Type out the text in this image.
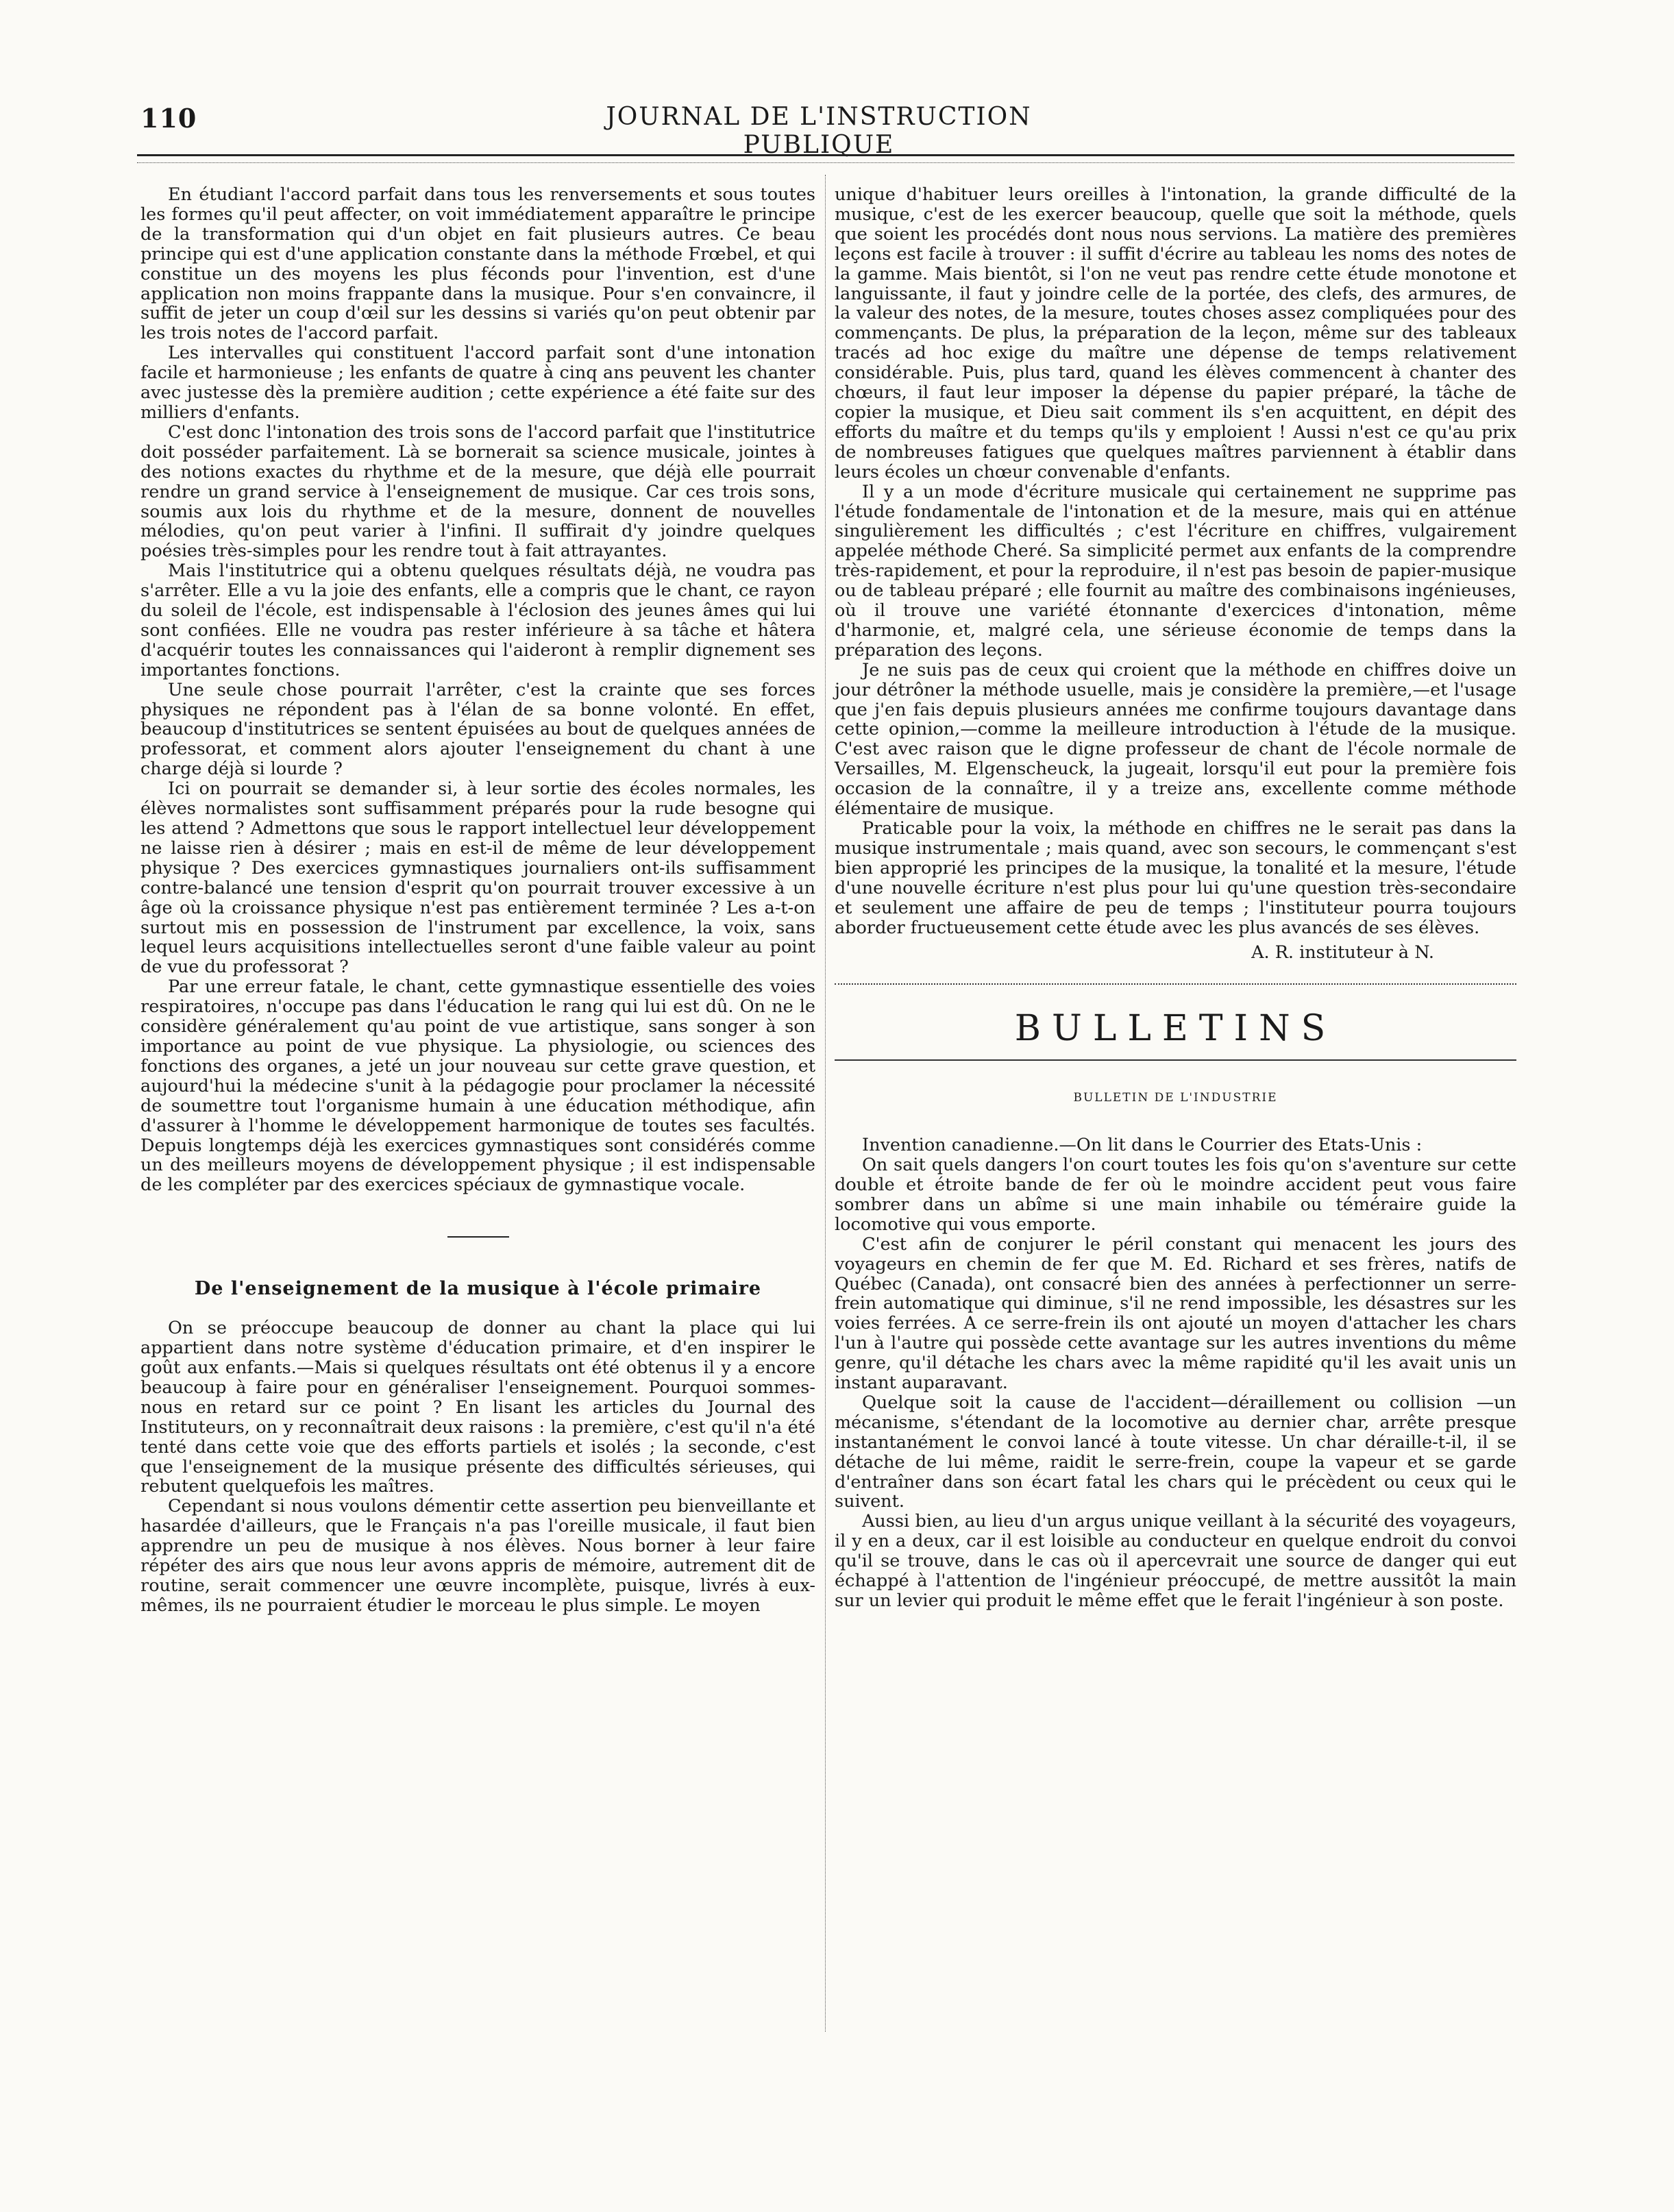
110	JOURNAL DE L'INSTRUCTION PUBLIQUE

En étudiant l'accord parfait dans tous les renversements et sous toutes les formes qu'il peut affecter, on voit immédiatement apparaître le principe de la transformation qui d'un objet en fait plusieurs autres. Ce beau principe qui est d'une application constante dans la méthode Frœbel, et qui constitue un des moyens les plus féconds pour l'invention, est d'une application non moins frappante dans la musique. Pour s'en convaincre, il suffit de jeter un coup d'œil sur les dessins si variés qu'on peut obtenir par les trois notes de l'accord parfait.

Les intervalles qui constituent l'accord parfait sont d'une intonation facile et harmonieuse ; les enfants de quatre à cinq ans peuvent les chanter avec justesse dès la première audition ; cette expérience a été faite sur des milliers d'enfants.

C'est donc l'intonation des trois sons de l'accord parfait que l'institutrice doit posséder parfaitement. Là se bornerait sa science musicale, jointes à des notions exactes du rhythme et de la mesure, que déjà elle pourrait rendre un grand service à l'enseignement de musique. Car ces trois sons, soumis aux lois du rhythme et de la mesure, donnent de nouvelles mélodies, qu'on peut varier à l'infini. Il suffirait d'y joindre quelques poésies très-simples pour les rendre tout à fait attrayantes.

Mais l'institutrice qui a obtenu quelques résultats déjà, ne voudra pas s'arrêter. Elle a vu la joie des enfants, elle a compris que le chant, ce rayon du soleil de l'école, est indispensable à l'éclosion des jeunes âmes qui lui sont confiées. Elle ne voudra pas rester inférieure à sa tâche et hâtera d'acquérir toutes les connaissances qui l'aideront à remplir dignement ses importantes fonctions.

Une seule chose pourrait l'arrêter, c'est la crainte que ses forces physiques ne répondent pas à l'élan de sa bonne volonté. En effet, beaucoup d'institutrices se sentent épuisées au bout de quelques années de professorat, et comment alors ajouter l'enseignement du chant à une charge déjà si lourde ?

Ici on pourrait se demander si, à leur sortie des écoles normales, les élèves normalistes sont suffisamment préparés pour la rude besogne qui les attend ? Admettons que sous le rapport intellectuel leur développement ne laisse rien à désirer ; mais en est-il de même de leur développement physique ? Des exercices gymnastiques journaliers ont-ils suffisamment contre-balancé une tension d'esprit qu'on pourrait trouver excessive à un âge où la croissance physique n'est pas entièrement terminée ? Les a-t-on surtout mis en possession de l'instrument par excellence, la voix, sans lequel leurs acquisitions intellectuelles seront d'une faible valeur au point de vue du professorat ?

Par une erreur fatale, le chant, cette gymnastique essentielle des voies respiratoires, n'occupe pas dans l'éducation le rang qui lui est dû. On ne le considère généralement qu'au point de vue artistique, sans songer à son importance au point de vue physique. La physiologie, ou sciences des fonctions des organes, a jeté un jour nouveau sur cette grave question, et aujourd'hui la médecine s'unit à la pédagogie pour proclamer la nécessité de soumettre tout l'organisme humain à une éducation méthodique, afin d'assurer à l'homme le développement harmonique de toutes ses facultés. Depuis longtemps déjà les exercices gymnastiques sont considérés comme un des meilleurs moyens de développement physique ; il est indispensable de les compléter par des exercices spéciaux de gymnastique vocale.

De l'enseignement de la musique à l'école primaire

On se préoccupe beaucoup de donner au chant la place qui lui appartient dans notre système d'éducation primaire, et d'en inspirer le goût aux enfants.—Mais si quelques résultats ont été obtenus il y a encore beaucoup à faire pour en généraliser l'enseignement. Pourquoi sommes-nous en retard sur ce point ? En lisant les articles du Journal des Instituteurs, on y reconnaîtrait deux raisons : la première, c'est qu'il n'a été tenté dans cette voie que des efforts partiels et isolés ; la seconde, c'est que l'enseignement de la musique présente des difficultés sérieuses, qui rebutent quelquefois les maîtres.

Cependant si nous voulons démentir cette assertion peu bienveillante et hasardée d'ailleurs, que le Français n'a pas l'oreille musicale, il faut bien apprendre un peu de musique à nos élèves. Nous borner à leur faire répéter des airs que nous leur avons appris de mémoire, autrement dit de routine, serait commencer une œuvre incomplète, puisque, livrés à eux-mêmes, ils ne pourraient étudier le morceau le plus simple. Le moyen

unique d'habituer leurs oreilles à l'intonation, la grande difficulté de la musique, c'est de les exercer beaucoup, quelle que soit la méthode, quels que soient les procédés dont nous nous servions. La matière des premières leçons est facile à trouver : il suffit d'écrire au tableau les noms des notes de la gamme. Mais bientôt, si l'on ne veut pas rendre cette étude monotone et languissante, il faut y joindre celle de la portée, des clefs, des armures, de la valeur des notes, de la mesure, toutes choses assez compliquées pour des commençants. De plus, la préparation de la leçon, même sur des tableaux tracés ad hoc exige du maître une dépense de temps relativement considérable. Puis, plus tard, quand les élèves commencent à chanter des chœurs, il faut leur imposer la dépense du papier préparé, la tâche de copier la musique, et Dieu sait comment ils s'en acquittent, en dépit des efforts du maître et du temps qu'ils y emploient ! Aussi n'est ce qu'au prix de nombreuses fatigues que quelques maîtres parviennent à établir dans leurs écoles un chœur convenable d'enfants.

Il y a un mode d'écriture musicale qui certainement ne supprime pas l'étude fondamentale de l'intonation et de la mesure, mais qui en atténue singulièrement les difficultés ; c'est l'écriture en chiffres, vulgairement appelée méthode Cheré. Sa simplicité permet aux enfants de la comprendre très-rapidement, et pour la reproduire, il n'est pas besoin de papier-musique ou de tableau préparé ; elle fournit au maître des combinaisons ingénieuses, où il trouve une variété étonnante d'exercices d'intonation, même d'harmonie, et, malgré cela, une sérieuse économie de temps dans la préparation des leçons.

Je ne suis pas de ceux qui croient que la méthode en chiffres doive un jour détrôner la méthode usuelle, mais je considère la première,—et l'usage que j'en fais depuis plusieurs années me confirme toujours davantage dans cette opinion,—comme la meilleure introduction à l'étude de la musique. C'est avec raison que le digne professeur de chant de l'école normale de Versailles, M. Elgenscheuck, la jugeait, lorsqu'il eut pour la première fois occasion de la connaître, il y a treize ans, excellente comme méthode élémentaire de musique.

Praticable pour la voix, la méthode en chiffres ne le serait pas dans la musique instrumentale ; mais quand, avec son secours, le commençant s'est bien approprié les principes de la musique, la tonalité et la mesure, l'étude d'une nouvelle écriture n'est plus pour lui qu'une question très-secondaire et seulement une affaire de peu de temps ; l'instituteur pourra toujours aborder fructueusement cette étude avec les plus avancés de ses élèves.

A. R. instituteur à N.
BULLETINS
BULLETIN DE L'INDUSTRIE

Invention canadienne.—On lit dans le Courrier des Etats-Unis :

On sait quels dangers l'on court toutes les fois qu'on s'aventure sur cette double et étroite bande de fer où le moindre accident peut vous faire sombrer dans un abîme si une main inhabile ou téméraire guide la locomotive qui vous emporte.

C'est afin de conjurer le péril constant qui menacent les jours des voyageurs en chemin de fer que M. Ed. Richard et ses frères, natifs de Québec (Canada), ont consacré bien des années à perfectionner un serre-frein automatique qui diminue, s'il ne rend impossible, les désastres sur les voies ferrées. A ce serre-frein ils ont ajouté un moyen d'attacher les chars l'un à l'autre qui possède cette avantage sur les autres inventions du même genre, qu'il détache les chars avec la même rapidité qu'il les avait unis un instant auparavant.

Quelque soit la cause de l'accident—déraillement ou collision —un mécanisme, s'étendant de la locomotive au dernier char, arrête presque instantanément le convoi lancé à toute vitesse. Un char déraille-t-il, il se détache de lui même, raidit le serre-frein, coupe la vapeur et se garde d'entraîner dans son écart fatal les chars qui le précèdent ou ceux qui le suivent.

Aussi bien, au lieu d'un argus unique veillant à la sécurité des voyageurs, il y en a deux, car il est loisible au conducteur en quelque endroit du convoi qu'il se trouve, dans le cas où il apercevrait une source de danger qui eut échappé à l'attention de l'ingénieur préoccupé, de mettre aussitôt la main sur un levier qui produit le même effet que le ferait l'ingénieur à son poste.
